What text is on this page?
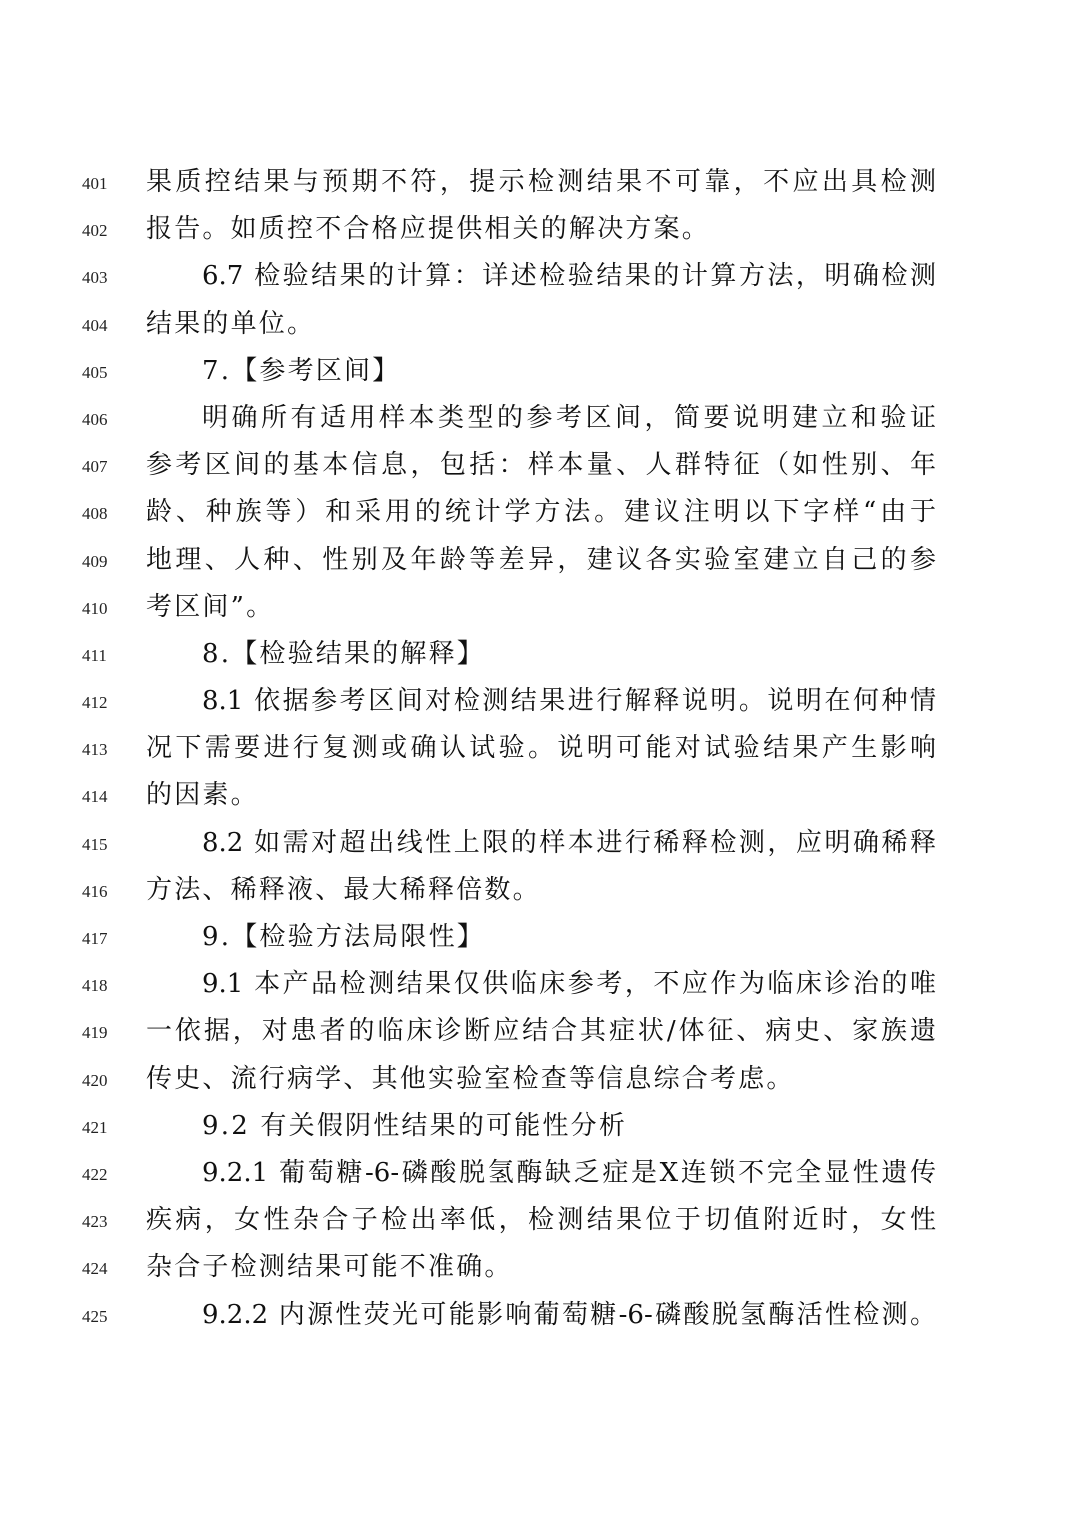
401	果质控结果与预期不符，提示检测结果不可靠，不应出具检测
402	报告。如质控不合格应提供相关的解决方案。
403	6.7 检验结果的计算：详述检验结果的计算方法，明确检测
404	结果的单位。
405	7.【参考区间】
406	明确所有适用样本类型的参考区间，简要说明建立和验证
407	参考区间的基本信息，包括：样本量、人群特征（如性别、年
408	龄、种族等）和采用的统计学方法。建议注明以下字样“由于
409	地理、人种、性别及年龄等差异，建议各实验室建立自己的参
410	考区间”。
411	8.【检验结果的解释】
412	8.1 依据参考区间对检测结果进行解释说明。说明在何种情
413	况下需要进行复测或确认试验。说明可能对试验结果产生影响
414	的因素。
415	8.2 如需对超出线性上限的样本进行稀释检测，应明确稀释
416	方法、稀释液、最大稀释倍数。
417	9.【检验方法局限性】
418	9.1 本产品检测结果仅供临床参考，不应作为临床诊治的唯
419	一依据，对患者的临床诊断应结合其症状/体征、病史、家族遗
420	传史、流行病学、其他实验室检查等信息综合考虑。
421	9.2 有关假阴性结果的可能性分析
422	9.2.1 葡萄糖-6-磷酸脱氢酶缺乏症是X连锁不完全显性遗传
423	疾病，女性杂合子检出率低，检测结果位于切值附近时，女性
424	杂合子检测结果可能不准确。
425	9.2.2 内源性荧光可能影响葡萄糖-6-磷酸脱氢酶活性检测。
